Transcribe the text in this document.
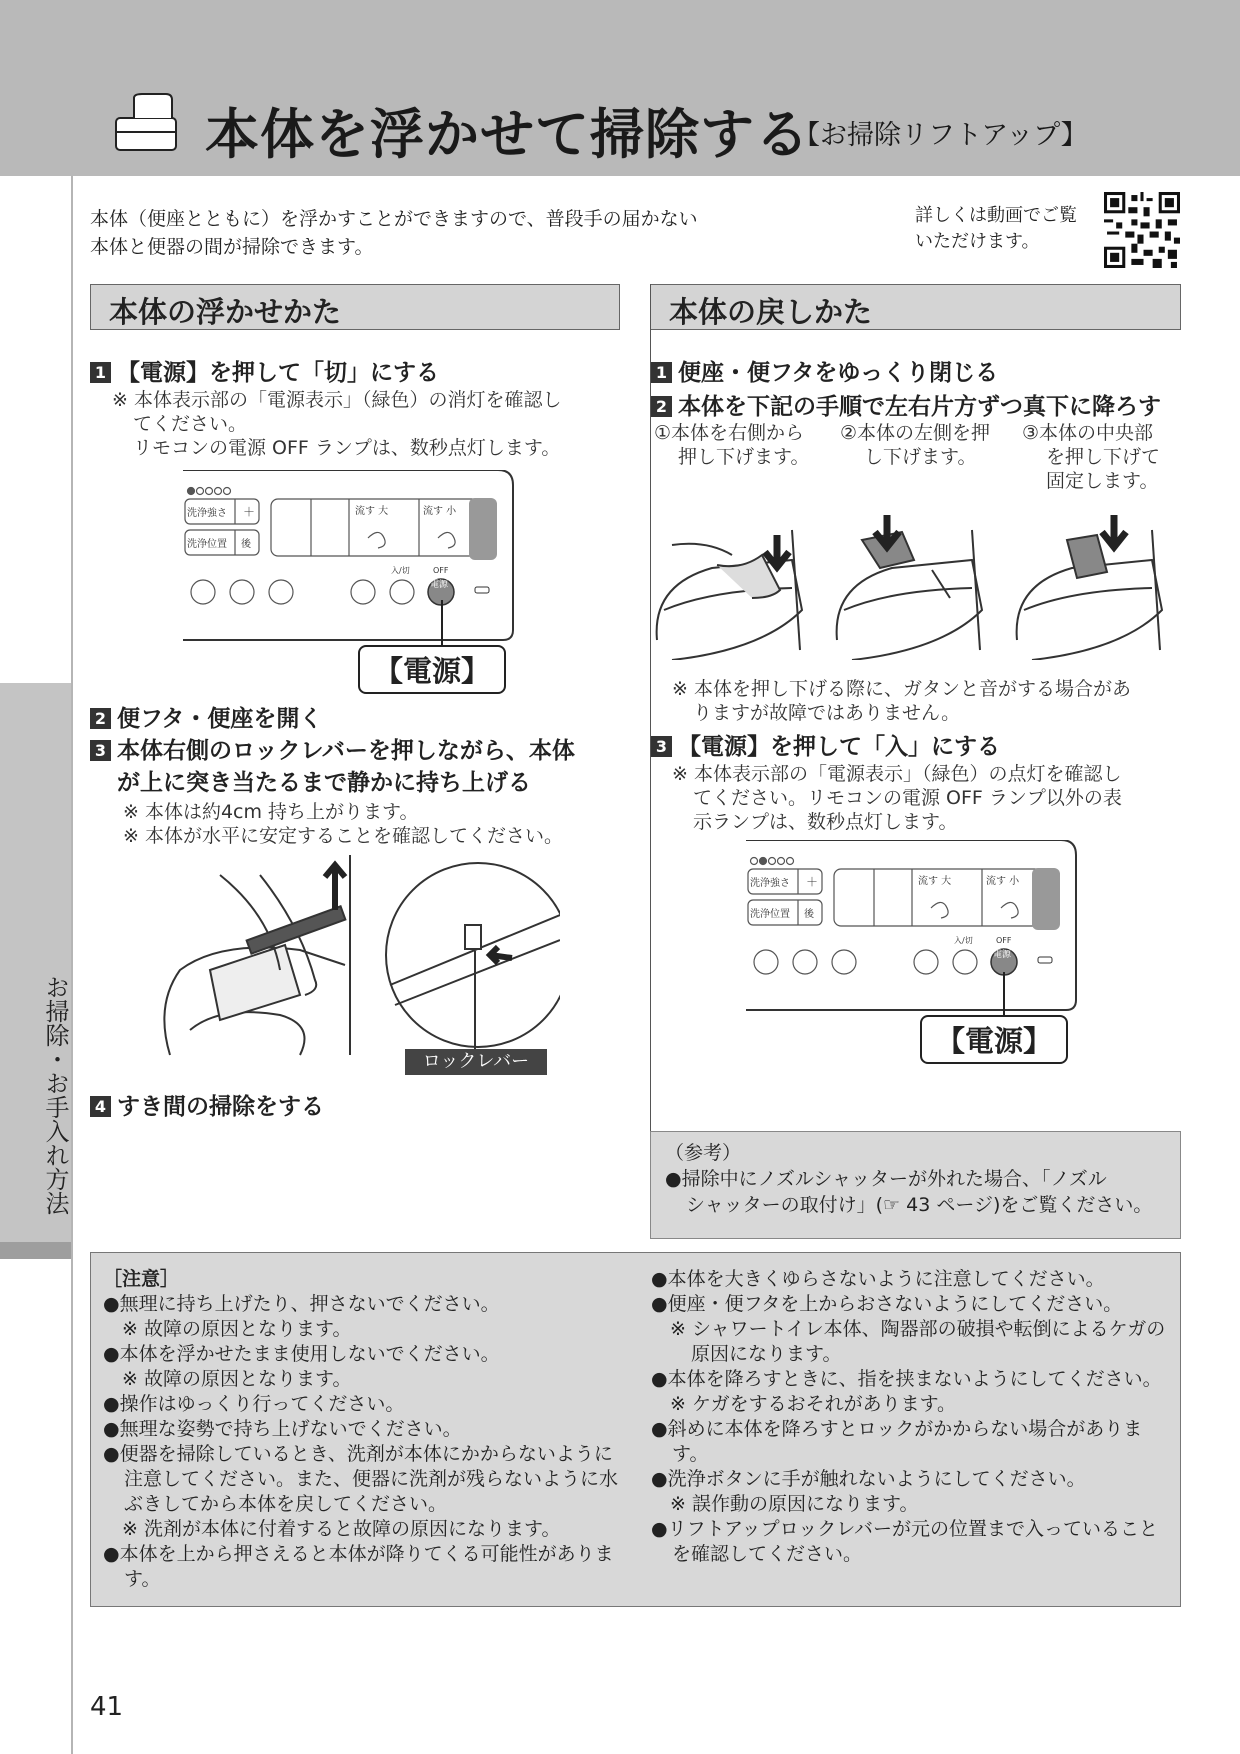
本体を浮かせて掃除する
【お掃除リフトアップ】
お掃除・お手入れ方法
本体（便座とともに）を浮かすことができますので、普段手の届かない
本体と便器の間が掃除できます。
詳しくは動画でご覧
いただけます。
本体の浮かせかた	本体の戻しかた
1 【電源】を押して「切」にする
※ 本体表示部の「電源表示」（緑色）の消灯を確認し
てください。
リモコンの電源 OFF ランプは、数秒点灯します。
洗浄強さ ＋
洗浄位置 後
流す 大	流す 小
電源
入/切	OFF
【電源】
2 便フタ・便座を開く
3 本体右側のロックレバーを押しながら、本体
が上に突き当たるまで静かに持ち上げる
※ 本体は約4cm 持ち上がります。
※ 本体が水平に安定することを確認してください。
ロックレバー
4 すき間の掃除をする
1 便座・便フタをゆっくり閉じる
2 本体を下記の手順で左右片方ずつ真下に降ろす
①本体を右側から
押し下げます。
②本体の左側を押
し下げます。
③本体の中央部
を押し下げて
固定します。
※ 本体を押し下げる際に、ガタンと音がする場合があ
りますが故障ではありません。
3 【電源】を押して「入」にする
※ 本体表示部の「電源表示」（緑色）の点灯を確認し
てください。リモコンの電源 OFF ランプ以外の表
示ランプは、数秒点灯します。
洗浄強さ ＋
洗浄位置 後
流す 大	流す 小
電源
入/切	OFF
【電源】
（参考）
●掃除中にノズルシャッターが外れた場合、「ノズル
シャッターの取付け」(☞ 43 ページ)をご覧ください。
［注意］
●無理に持ち上げたり、押さないでください。
※ 故障の原因となります。
●本体を浮かせたまま使用しないでください。
※ 故障の原因となります。
●操作はゆっくり行ってください。
●無理な姿勢で持ち上げないでください。
●便器を掃除しているとき、洗剤が本体にかからないように注意してください。また、便器に洗剤が残らないように水ぶきしてから本体を戻してください。
※ 洗剤が本体に付着すると故障の原因になります。
●本体を上から押さえると本体が降りてくる可能性があります。
●本体を大きくゆらさないように注意してください。
●便座・便フタを上からおさないようにしてください。
※ シャワートイレ本体、陶器部の破損や転倒によるケガの原因になります。
●本体を降ろすときに、指を挟まないようにしてください。
※ ケガをするおそれがあります。
●斜めに本体を降ろすとロックがかからない場合があります。
●洗浄ボタンに手が触れないようにしてください。
※ 誤作動の原因になります。
●リフトアップロックレバーが元の位置まで入っていることを確認してください。
41
